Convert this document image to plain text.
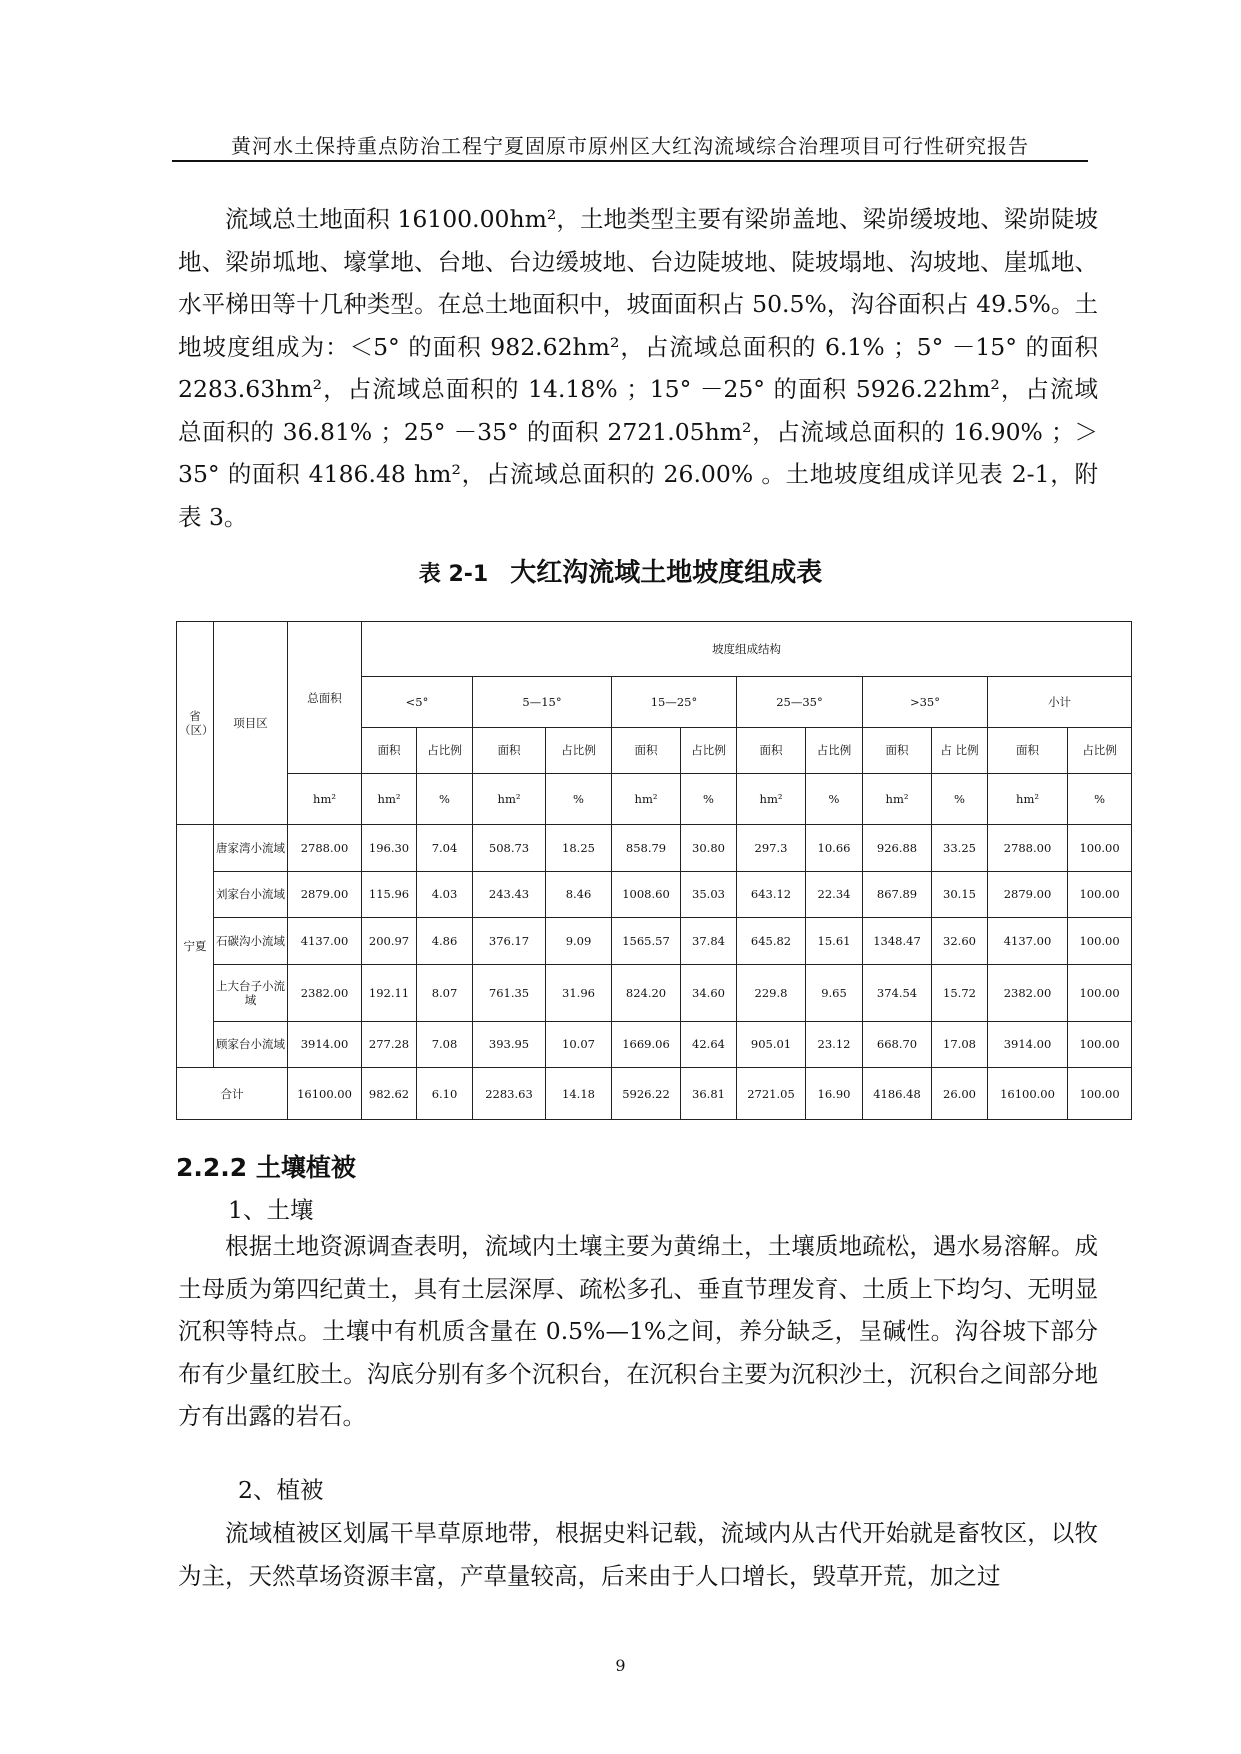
黄河水土保持重点防治工程宁夏固原市原州区大红沟流域综合治理项目可行性研究报告

流域总土地面积 16100.00hm²，土地类型主要有梁峁盖地、梁峁缓坡地、梁峁陡坡地、梁峁坬地、壕掌地、台地、台边缓坡地、台边陡坡地、陡坡塌地、沟坡地、崖坬地、水平梯田等十几种类型。在总土地面积中，坡面面积占 50.5%，沟谷面积占 49.5%。土地坡度组成为：＜5° 的面积 982.62hm²，占流域总面积的 6.1% ；5° －15° 的面积 2283.63hm²，占流域总面积的 14.18% ；15° －25° 的面积 5926.22hm²，占流域总面积的 36.81% ；25° －35° 的面积 2721.05hm²，占流域总面积的 16.90% ；＞35° 的面积 4186.48 hm²，占流域总面积的 26.00% 。土地坡度组成详见表 2-1，附表 3。

表 2-1 大红沟流域土地坡度组成表
省（区）	项目区	总面积	坡度组成结构											
			<5°		5—15°		15—25°		25—35°		>35°		小计	
			面积	占比例	面积	占比例	面积	占比例	面积	占比例	面积	占 比例	面积	占比例
		hm²	hm²	%	hm²	%	hm²	%	hm²	%	hm²	%	hm²	%
宁夏	唐家湾小流域	2788.00	196.30	7.04	508.73	18.25	858.79	30.80	297.3	10.66	926.88	33.25	2788.00	100.00
	刘家台小流域	2879.00	115.96	4.03	243.43	8.46	1008.60	35.03	643.12	22.34	867.89	30.15	2879.00	100.00
	石碳沟小流域	4137.00	200.97	4.86	376.17	9.09	1565.57	37.84	645.82	15.61	1348.47	32.60	4137.00	100.00
	上大台子小流域	2382.00	192.11	8.07	761.35	31.96	824.20	34.60	229.8	9.65	374.54	15.72	2382.00	100.00
	顾家台小流域	3914.00	277.28	7.08	393.95	10.07	1669.06	42.64	905.01	23.12	668.70	17.08	3914.00	100.00
合计		16100.00	982.62	6.10	2283.63	14.18	5926.22	36.81	2721.05	16.90	4186.48	26.00	16100.00	100.00
2.2.2 土壤植被

1、土壤

根据土地资源调查表明，流域内土壤主要为黄绵土，土壤质地疏松，遇水易溶解。成土母质为第四纪黄土，具有土层深厚、疏松多孔、垂直节理发育、土质上下均匀、无明显沉积等特点。土壤中有机质含量在 0.5%—1%之间，养分缺乏，呈碱性。沟谷坡下部分布有少量红胶土。沟底分别有多个沉积台，在沉积台主要为沉积沙土，沉积台之间部分地方有出露的岩石。

2、植被

流域植被区划属干旱草原地带，根据史料记载，流域内从古代开始就是畜牧区，以牧为主，天然草场资源丰富，产草量较高，后来由于人口增长，毁草开荒，加之过

9
